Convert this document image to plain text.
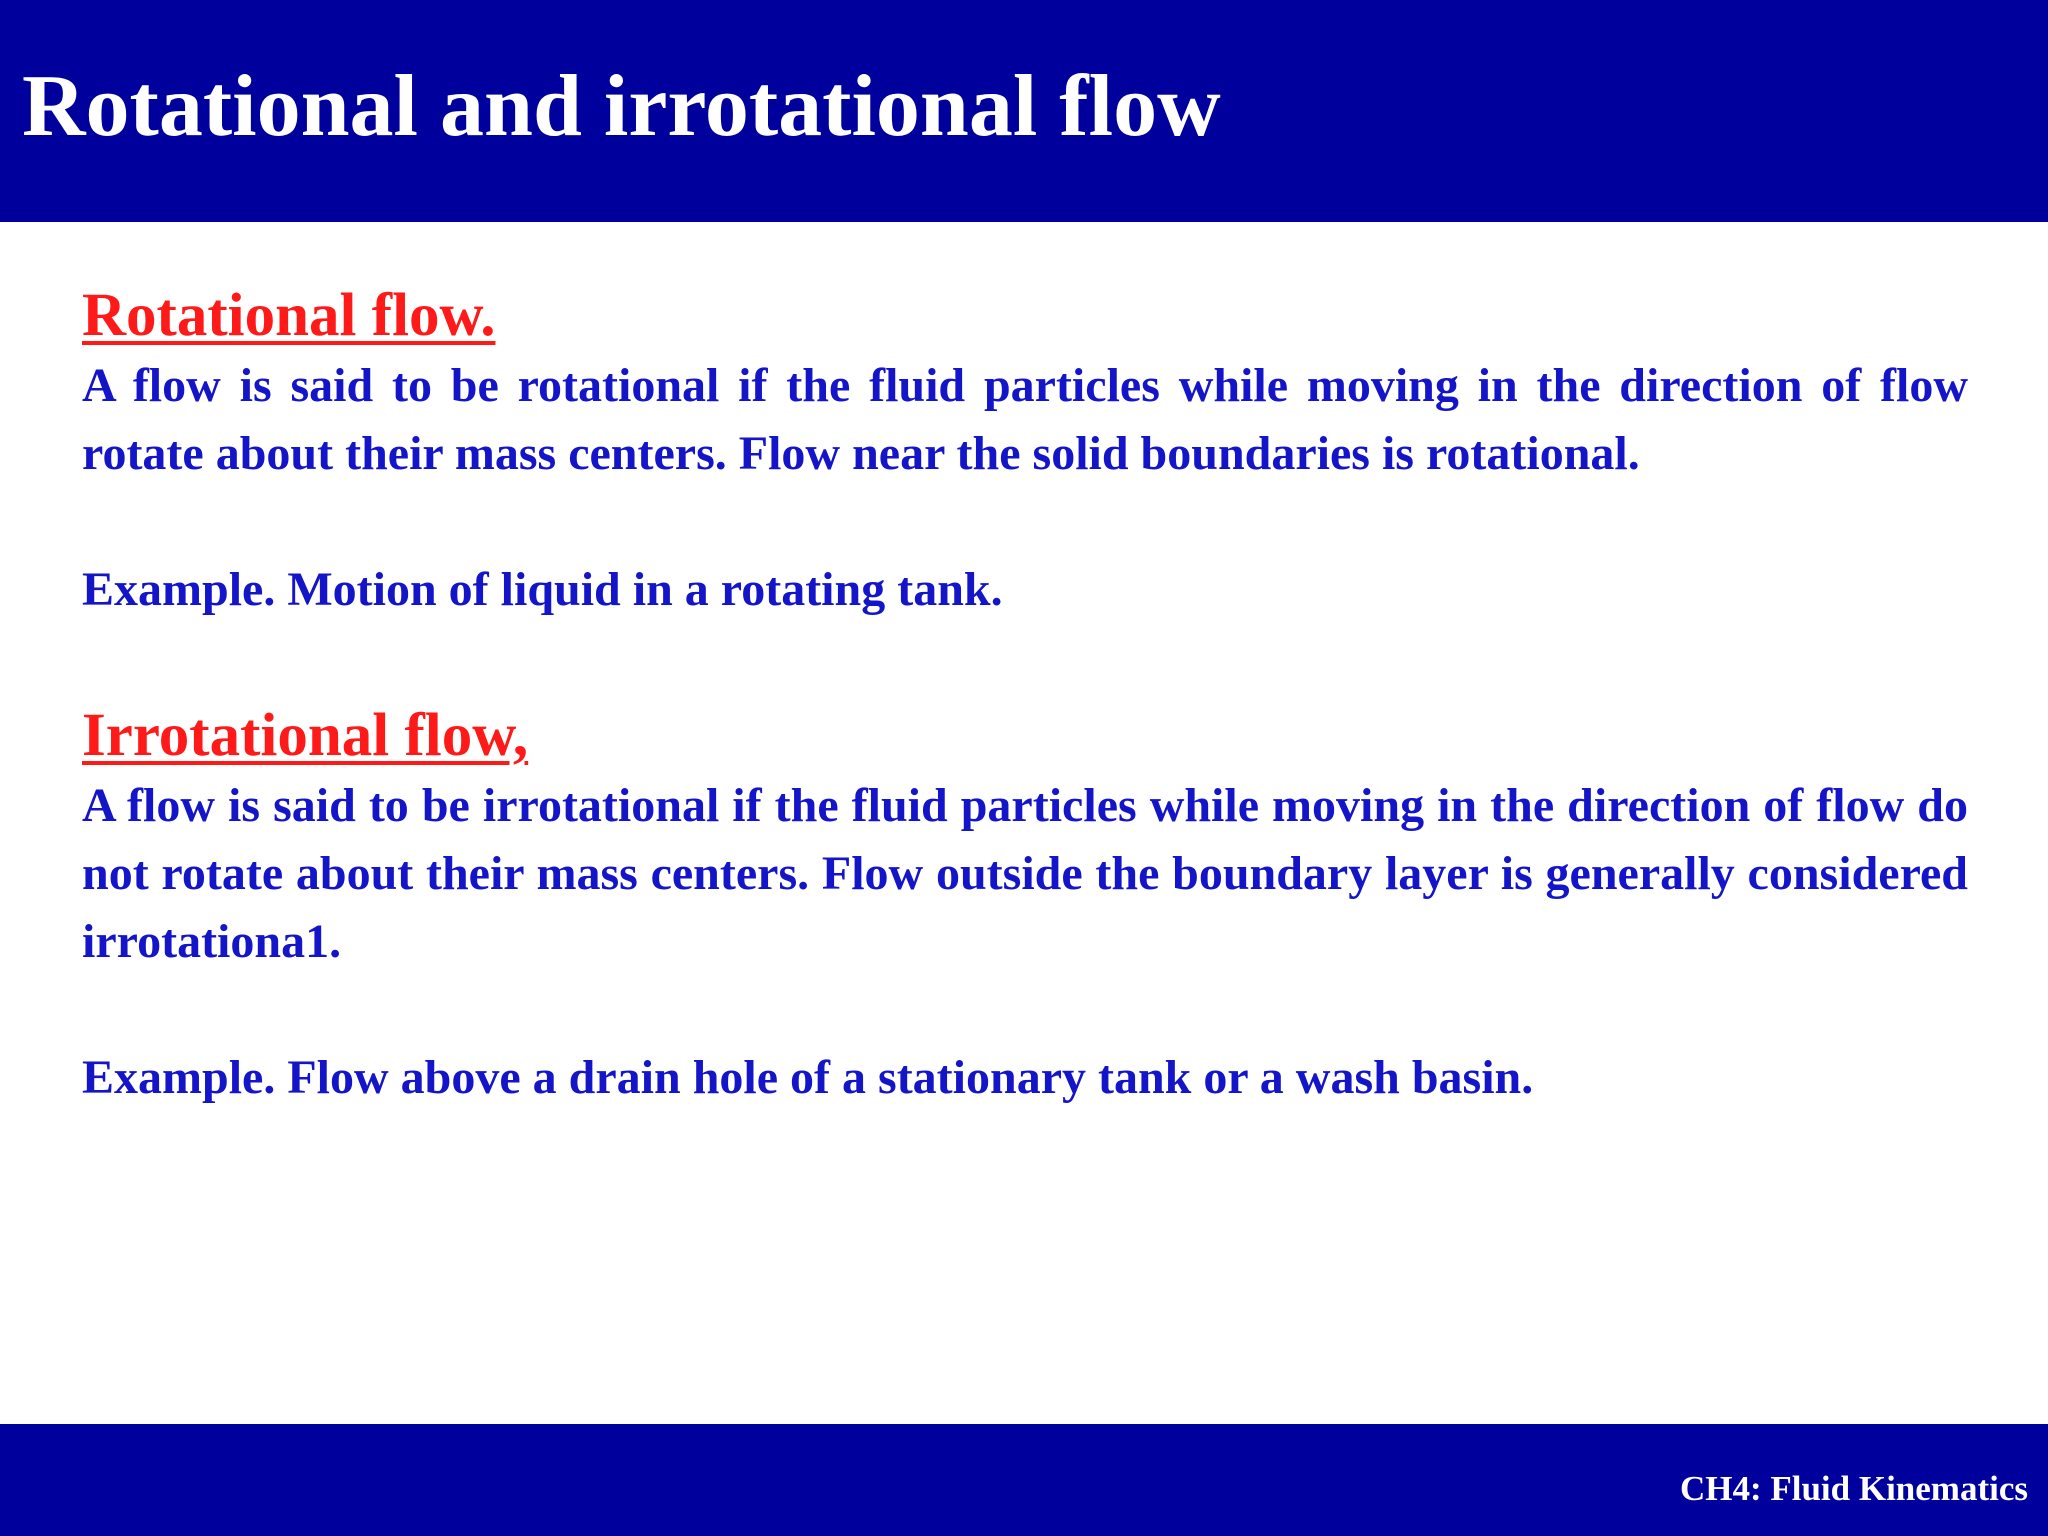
Rotational and irrotational flow
Rotational flow.

A flow is said to be rotational if the fluid particles while moving in the direction of flow rotate about their mass centers. Flow near the solid boundaries is rotational.

Example. Motion of liquid in a rotating tank.

Irrotational flow,

A flow is said to be irrotational if the fluid particles while moving in the direction of flow do not rotate about their mass centers. Flow outside the boundary layer is generally considered irrotationa1.

Example. Flow above a drain hole of a stationary tank or a wash basin.

CH4: Fluid Kinematics
